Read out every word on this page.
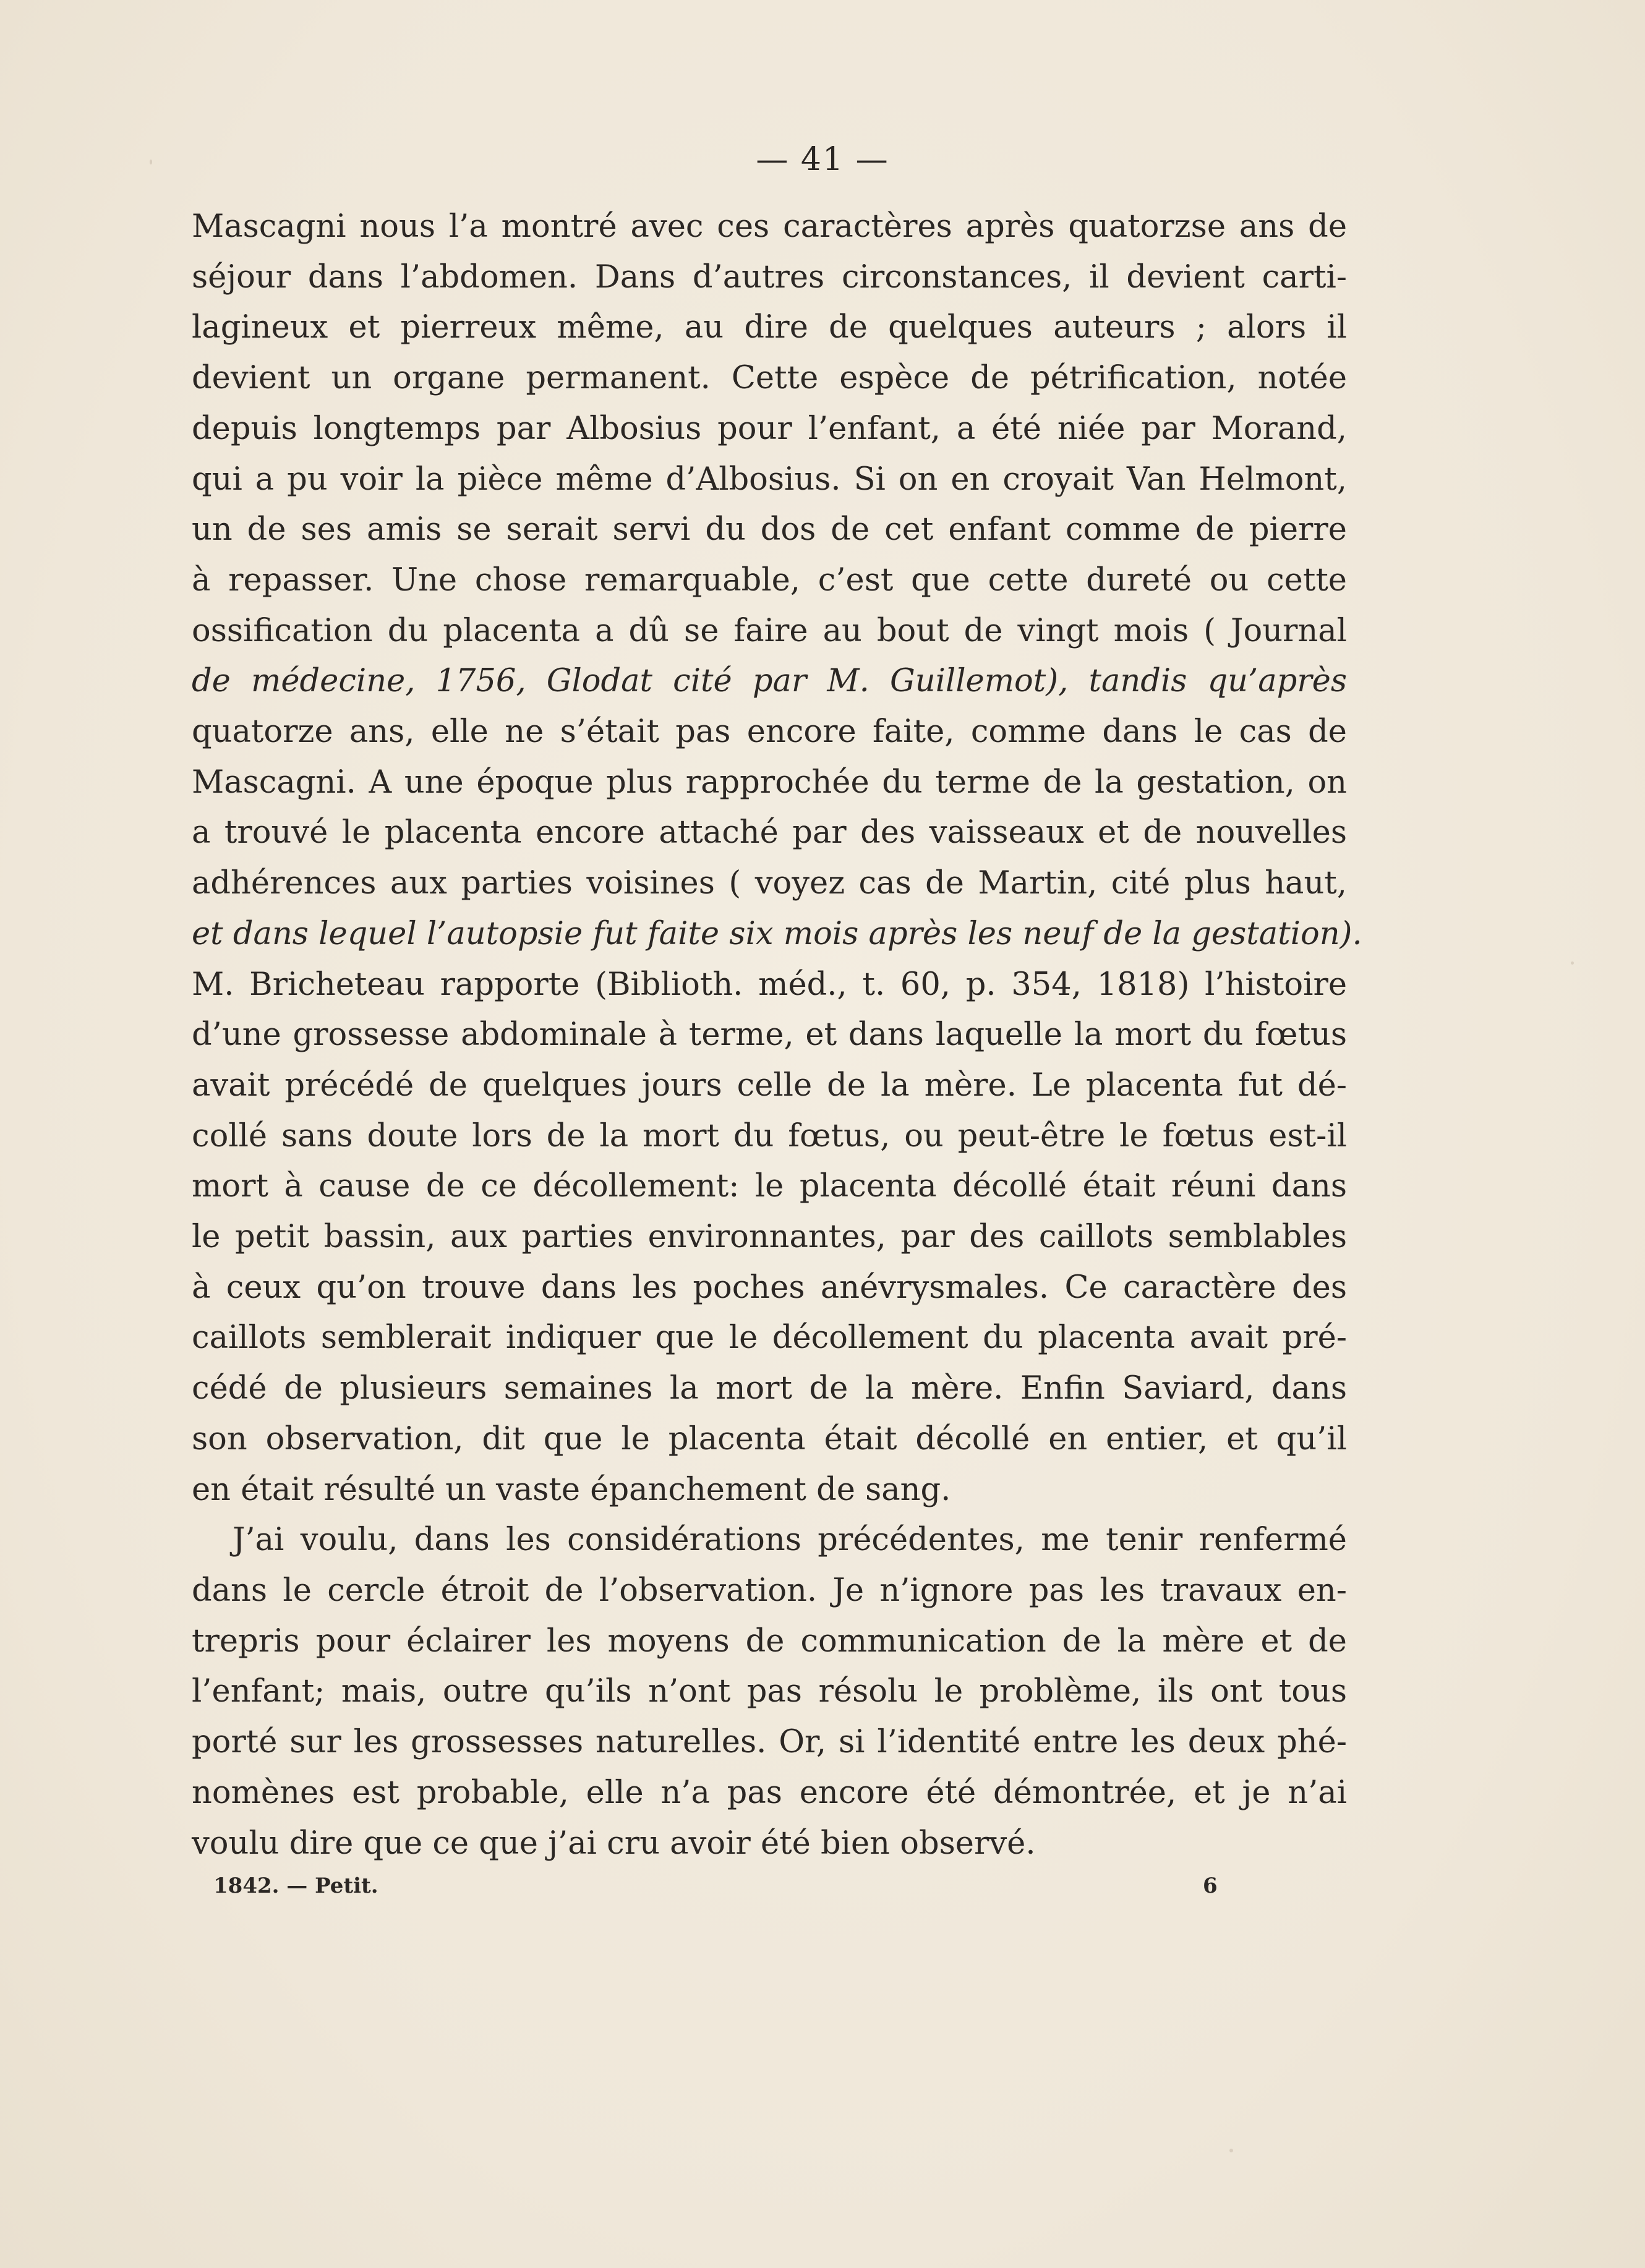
— 41 —

Mascagni nous l’a montré avec ces caractères après quatorzse ans de

séjour dans l’abdomen. Dans d’autres circonstances, il devient carti-

lagineux et pierreux même, au dire de quelques auteurs ; alors il

devient un organe permanent. Cette espèce de pétrification, notée

depuis longtemps par Albosius pour l’enfant, a été niée par Morand,

qui a pu voir la pièce même d’Albosius. Si on en croyait Van Helmont,

un de ses amis se serait servi du dos de cet enfant comme de pierre

à repasser. Une chose remarquable, c’est que cette dureté ou cette

ossification du placenta a dû se faire au bout de vingt mois ( Journal

de médecine, 1756, Glodat cité par M. Guillemot), tandis qu’après

quatorze ans, elle ne s’était pas encore faite, comme dans le cas de

Mascagni. A une époque plus rapprochée du terme de la gestation, on

a trouvé le placenta encore attaché par des vaisseaux et de nouvelles

adhérences aux parties voisines ( voyez cas de Martin, cité plus haut,

et dans lequel l’autopsie fut faite six mois après les neuf de la gestation).

M. Bricheteau rapporte (Biblioth. méd., t. 60, p. 354, 1818) l’histoire

d’une grossesse abdominale à terme, et dans laquelle la mort du fœtus

avait précédé de quelques jours celle de la mère. Le placenta fut dé-

collé sans doute lors de la mort du fœtus, ou peut-être le fœtus est-il

mort à cause de ce décollement: le placenta décollé était réuni dans

le petit bassin, aux parties environnantes, par des caillots semblables

à ceux qu’on trouve dans les poches anévrysmales. Ce caractère des

caillots semblerait indiquer que le décollement du placenta avait pré-

cédé de plusieurs semaines la mort de la mère. Enfin Saviard, dans

son observation, dit que le placenta était décollé en entier, et qu’il

en était résulté un vaste épanchement de sang.

J’ai voulu, dans les considérations précédentes, me tenir renfermé

dans le cercle étroit de l’observation. Je n’ignore pas les travaux en-

trepris pour éclairer les moyens de communication de la mère et de

l’enfant; mais, outre qu’ils n’ont pas résolu le problème, ils ont tous

porté sur les grossesses naturelles. Or, si l’identité entre les deux phé-

nomènes est probable, elle n’a pas encore été démontrée, et je n’ai

voulu dire que ce que j’ai cru avoir été bien observé.

1842. — Petit.	6
